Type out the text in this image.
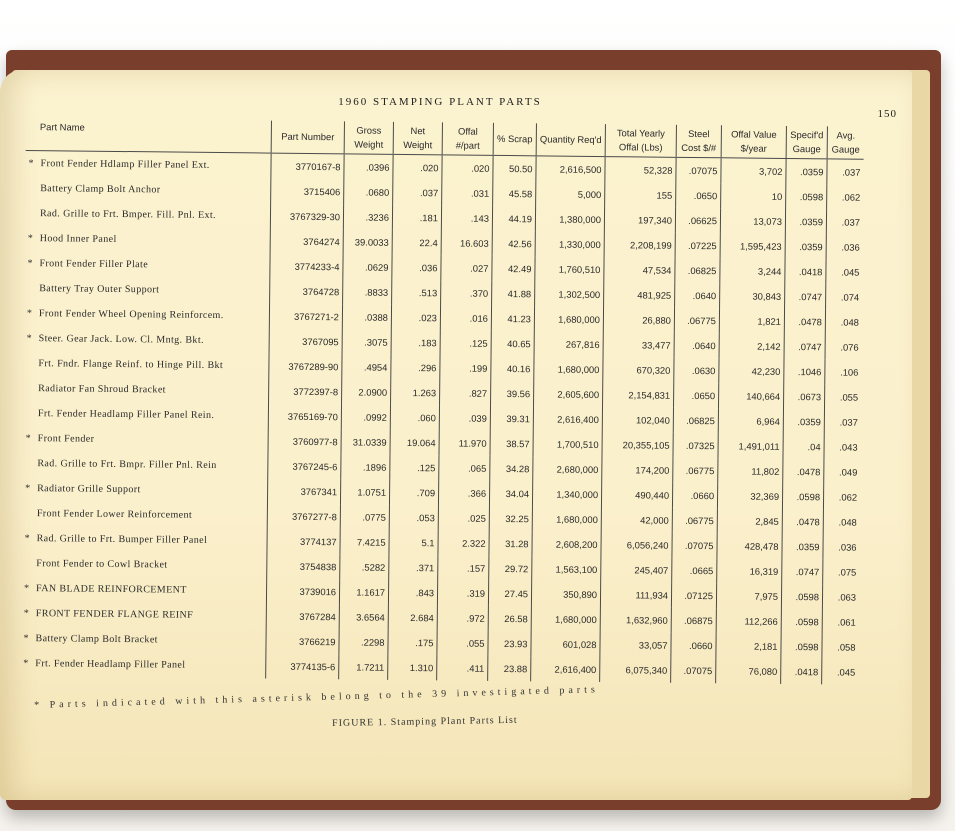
1960 STAMPING PLANT PARTS
150
Part Name	Part Number	Gross Weight	Net Weight	Offal #/part	% Scrap	Quantity Req'd	Total Yearly Offal (Lbs)	Steel Cost $/#	Offal Value $/year	Specif'd Gauge	Avg. Gauge
* Front Fender Hdlamp Filler Panel Ext.	3770167-8	.0396	.020	.020	50.50	2,616,500	52,328	.07075	3,702	.0359	.037
Battery Clamp Bolt Anchor	3715406	.0680	.037	.031	45.58	5,000	155	.0650	10	.0598	.062
Rad. Grille to Frt. Bmper. Fill. Pnl. Ext.	3767329-30	.3236	.181	.143	44.19	1,380,000	197,340	.06625	13,073	.0359	.037
* Hood Inner Panel	3764274	39.0033	22.4	16.603	42.56	1,330,000	2,208,199	.07225	1,595,423	.0359	.036
* Front Fender Filler Plate	3774233-4	.0629	.036	.027	42.49	1,760,510	47,534	.06825	3,244	.0418	.045
Battery Tray Outer Support	3764728	.8833	.513	.370	41.88	1,302,500	481,925	.0640	30,843	.0747	.074
* Front Fender Wheel Opening Reinforcem.	3767271-2	.0388	.023	.016	41.23	1,680,000	26,880	.06775	1,821	.0478	.048
* Steer. Gear Jack. Low. Cl. Mntg. Bkt.	3767095	.3075	.183	.125	40.65	267,816	33,477	.0640	2,142	.0747	.076
Frt. Fndr. Flange Reinf. to Hinge Pill. Bkt	3767289-90	.4954	.296	.199	40.16	1,680,000	670,320	.0630	42,230	.1046	.106
Radiator Fan Shroud Bracket	3772397-8	2.0900	1.263	.827	39.56	2,605,600	2,154,831	.0650	140,664	.0673	.055
Frt. Fender Headlamp Filler Panel Rein.	3765169-70	.0992	.060	.039	39.31	2,616,400	102,040	.06825	6,964	.0359	.037
* Front Fender	3760977-8	31.0339	19.064	11.970	38.57	1,700,510	20,355,105	.07325	1,491,011	.04	.043
Rad. Grille to Frt. Bmpr. Filler Pnl. Rein	3767245-6	.1896	.125	.065	34.28	2,680,000	174,200	.06775	11,802	.0478	.049
* Radiator Grille Support	3767341	1.0751	.709	.366	34.04	1,340,000	490,440	.0660	32,369	.0598	.062
Front Fender Lower Reinforcement	3767277-8	.0775	.053	.025	32.25	1,680,000	42,000	.06775	2,845	.0478	.048
* Rad. Grille to Frt. Bumper Filler Panel	3774137	7.4215	5.1	2.322	31.28	2,608,200	6,056,240	.07075	428,478	.0359	.036
Front Fender to Cowl Bracket	3754838	.5282	.371	.157	29.72	1,563,100	245,407	.0665	16,319	.0747	.075
* FAN BLADE REINFORCEMENT	3739016	1.1617	.843	.319	27.45	350,890	111,934	.07125	7,975	.0598	.063
* FRONT FENDER FLANGE REINF	3767284	3.6564	2.684	.972	26.58	1,680,000	1,632,960	.06875	112,266	.0598	.061
* Battery Clamp Bolt Bracket	3766219	.2298	.175	.055	23.93	601,028	33,057	.0660	2,181	.0598	.058
* Frt. Fender Headlamp Filler Panel	3774135-6	1.7211	1.310	.411	23.88	2,616,400	6,075,340	.07075	76,080	.0418	.045
* Parts indicated with this asterisk belong to the 39 investigated parts
FIGURE 1. Stamping Plant Parts List
